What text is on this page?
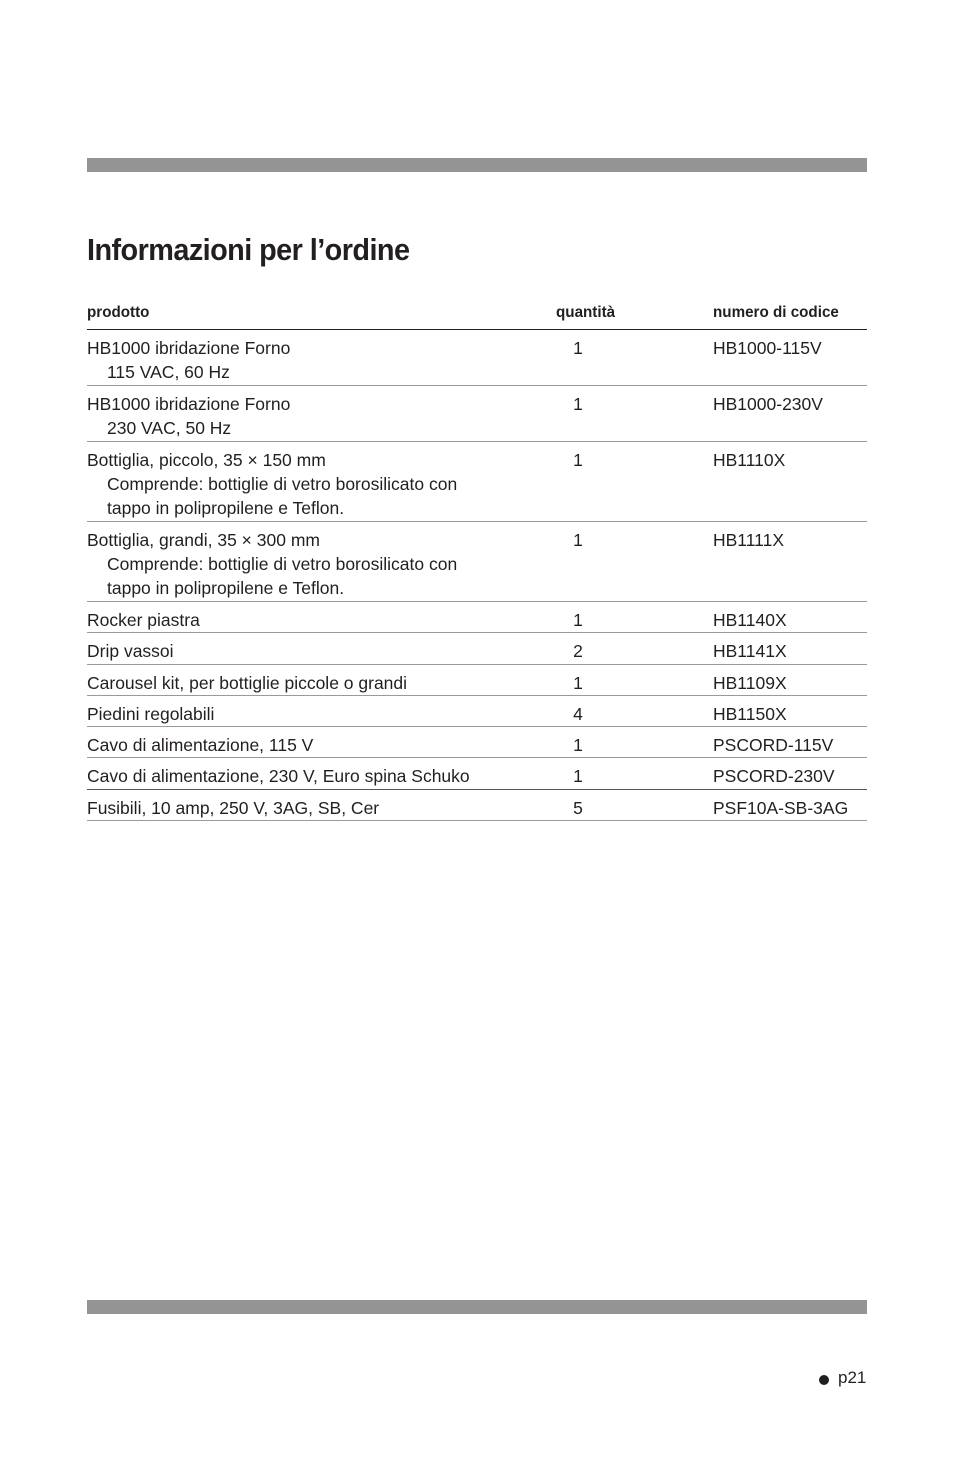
Informazioni per l’ordine
prodotto	quantità	numero di codice
HB1000 ibridazione Forno
115 VAC, 60 Hz
1	HB1000-115V
HB1000 ibridazione Forno
230 VAC, 50 Hz
1	HB1000-230V
Bottiglia, piccolo, 35 × 150 mm
Comprende: bottiglie di vetro borosilicato con
tappo in polipropilene e Teflon.
1	HB1110X
Bottiglia, grandi, 35 × 300 mm
Comprende: bottiglie di vetro borosilicato con
tappo in polipropilene e Teflon.
1	HB1111X
Rocker piastra	1	HB1140X
Drip vassoi	2	HB1141X
Carousel kit, per bottiglie piccole o grandi	1	HB1109X
Piedini regolabili	4	HB1150X
Cavo di alimentazione, 115 V	1	PSCORD-115V
Cavo di alimentazione, 230 V, Euro spina Schuko	1	PSCORD-230V
Fusibili, 10 amp, 250 V, 3AG, SB, Cer	5	PSF10A-SB-3AG
p21
